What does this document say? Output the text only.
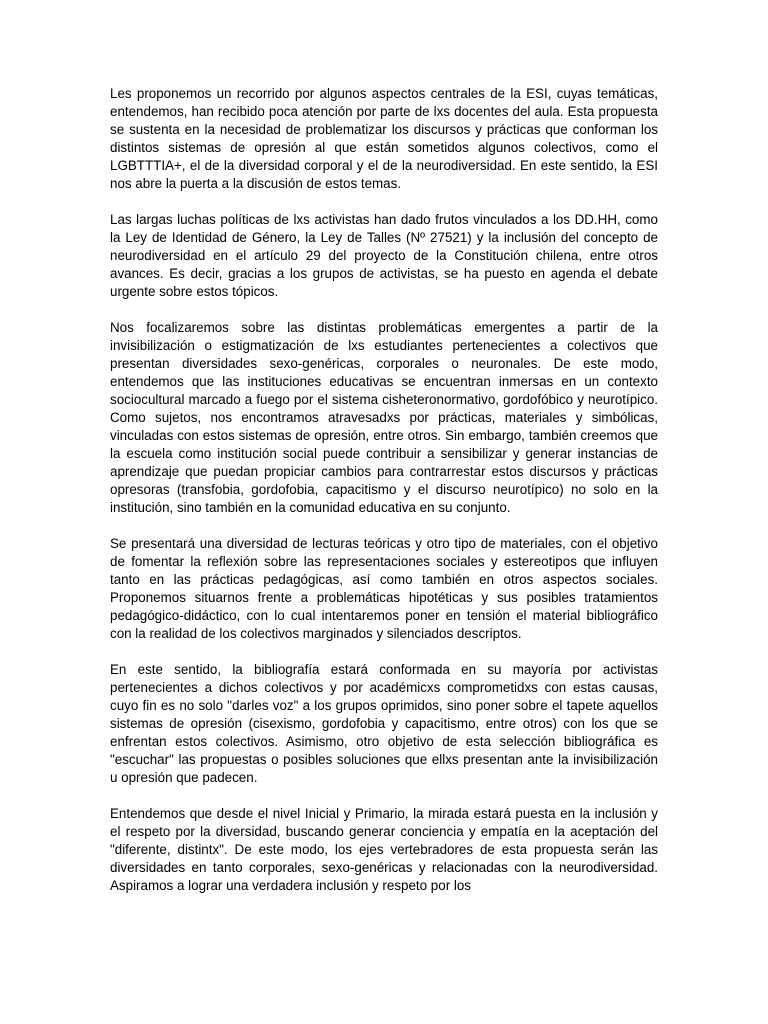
Les proponemos un recorrido por algunos aspectos centrales de la ESI, cuyas temáticas, entendemos, han recibido poca atención por parte de lxs docentes del aula. Esta propuesta se sustenta en la necesidad de problematizar los discursos y prácticas que conforman los distintos sistemas de opresión al que están sometidos algunos colectivos, como el LGBTTTIA+, el de la diversidad corporal y el de la neurodiversidad. En este sentido, la ESI nos abre la puerta a la discusión de estos temas.

Las largas luchas políticas de lxs activistas han dado frutos vinculados a los DD.HH, como la Ley de Identidad de Género, la Ley de Talles (Nº 27521) y la inclusión del concepto de neurodiversidad en el artículo 29 del proyecto de la Constitución chilena, entre otros avances. Es decir, gracias a los grupos de activistas, se ha puesto en agenda el debate urgente sobre estos tópicos.

Nos focalizaremos sobre las distintas problemáticas emergentes a partir de la invisibilización o estigmatización de lxs estudiantes pertenecientes a colectivos que presentan diversidades sexo-genéricas, corporales o neuronales. De este modo, entendemos que las instituciones educativas se encuentran inmersas en un contexto sociocultural marcado a fuego por el sistema cisheteronormativo, gordofóbico y neurotípico. Como sujetos, nos encontramos atravesadxs por prácticas, materiales y simbólicas, vinculadas con estos sistemas de opresión, entre otros. Sin embargo, también creemos que la escuela como institución social puede contribuir a sensibilizar y generar instancias de aprendizaje que puedan propiciar cambios para contrarrestar estos discursos y prácticas opresoras (transfobia, gordofobia, capacitismo y el discurso neurotípico) no solo en la institución, sino también en la comunidad educativa en su conjunto.

Se presentará una diversidad de lecturas teóricas y otro tipo de materiales, con el objetivo de fomentar la reflexión sobre las representaciones sociales y estereotipos que influyen tanto en las prácticas pedagógicas, así como también en otros aspectos sociales. Proponemos situarnos frente a problemáticas hipotéticas y sus posibles tratamientos pedagógico-didáctico, con lo cual intentaremos poner en tensión el material bibliográfico con la realidad de los colectivos marginados y silenciados descriptos.

En este sentido, la bibliografía estará conformada en su mayoría por activistas pertenecientes a dichos colectivos y por académicxs comprometidxs con estas causas, cuyo fin es no solo "darles voz" a los grupos oprimidos, sino poner sobre el tapete aquellos sistemas de opresión (cisexismo, gordofobia y capacitismo, entre otros) con los que se enfrentan estos colectivos. Asimismo, otro objetivo de esta selección bibliográfica es "escuchar" las propuestas o posibles soluciones que ellxs presentan ante la invisibilización u opresión que padecen.

Entendemos que desde el nivel Inicial y Primario, la mirada estará puesta en la inclusión y el respeto por la diversidad, buscando generar conciencia y empatía en la aceptación del "diferente, distintx". De este modo, los ejes vertebradores de esta propuesta serán las diversidades en tanto corporales, sexo-genéricas y relacionadas con la neurodiversidad. Aspiramos a lograr una verdadera inclusión y respeto por los
